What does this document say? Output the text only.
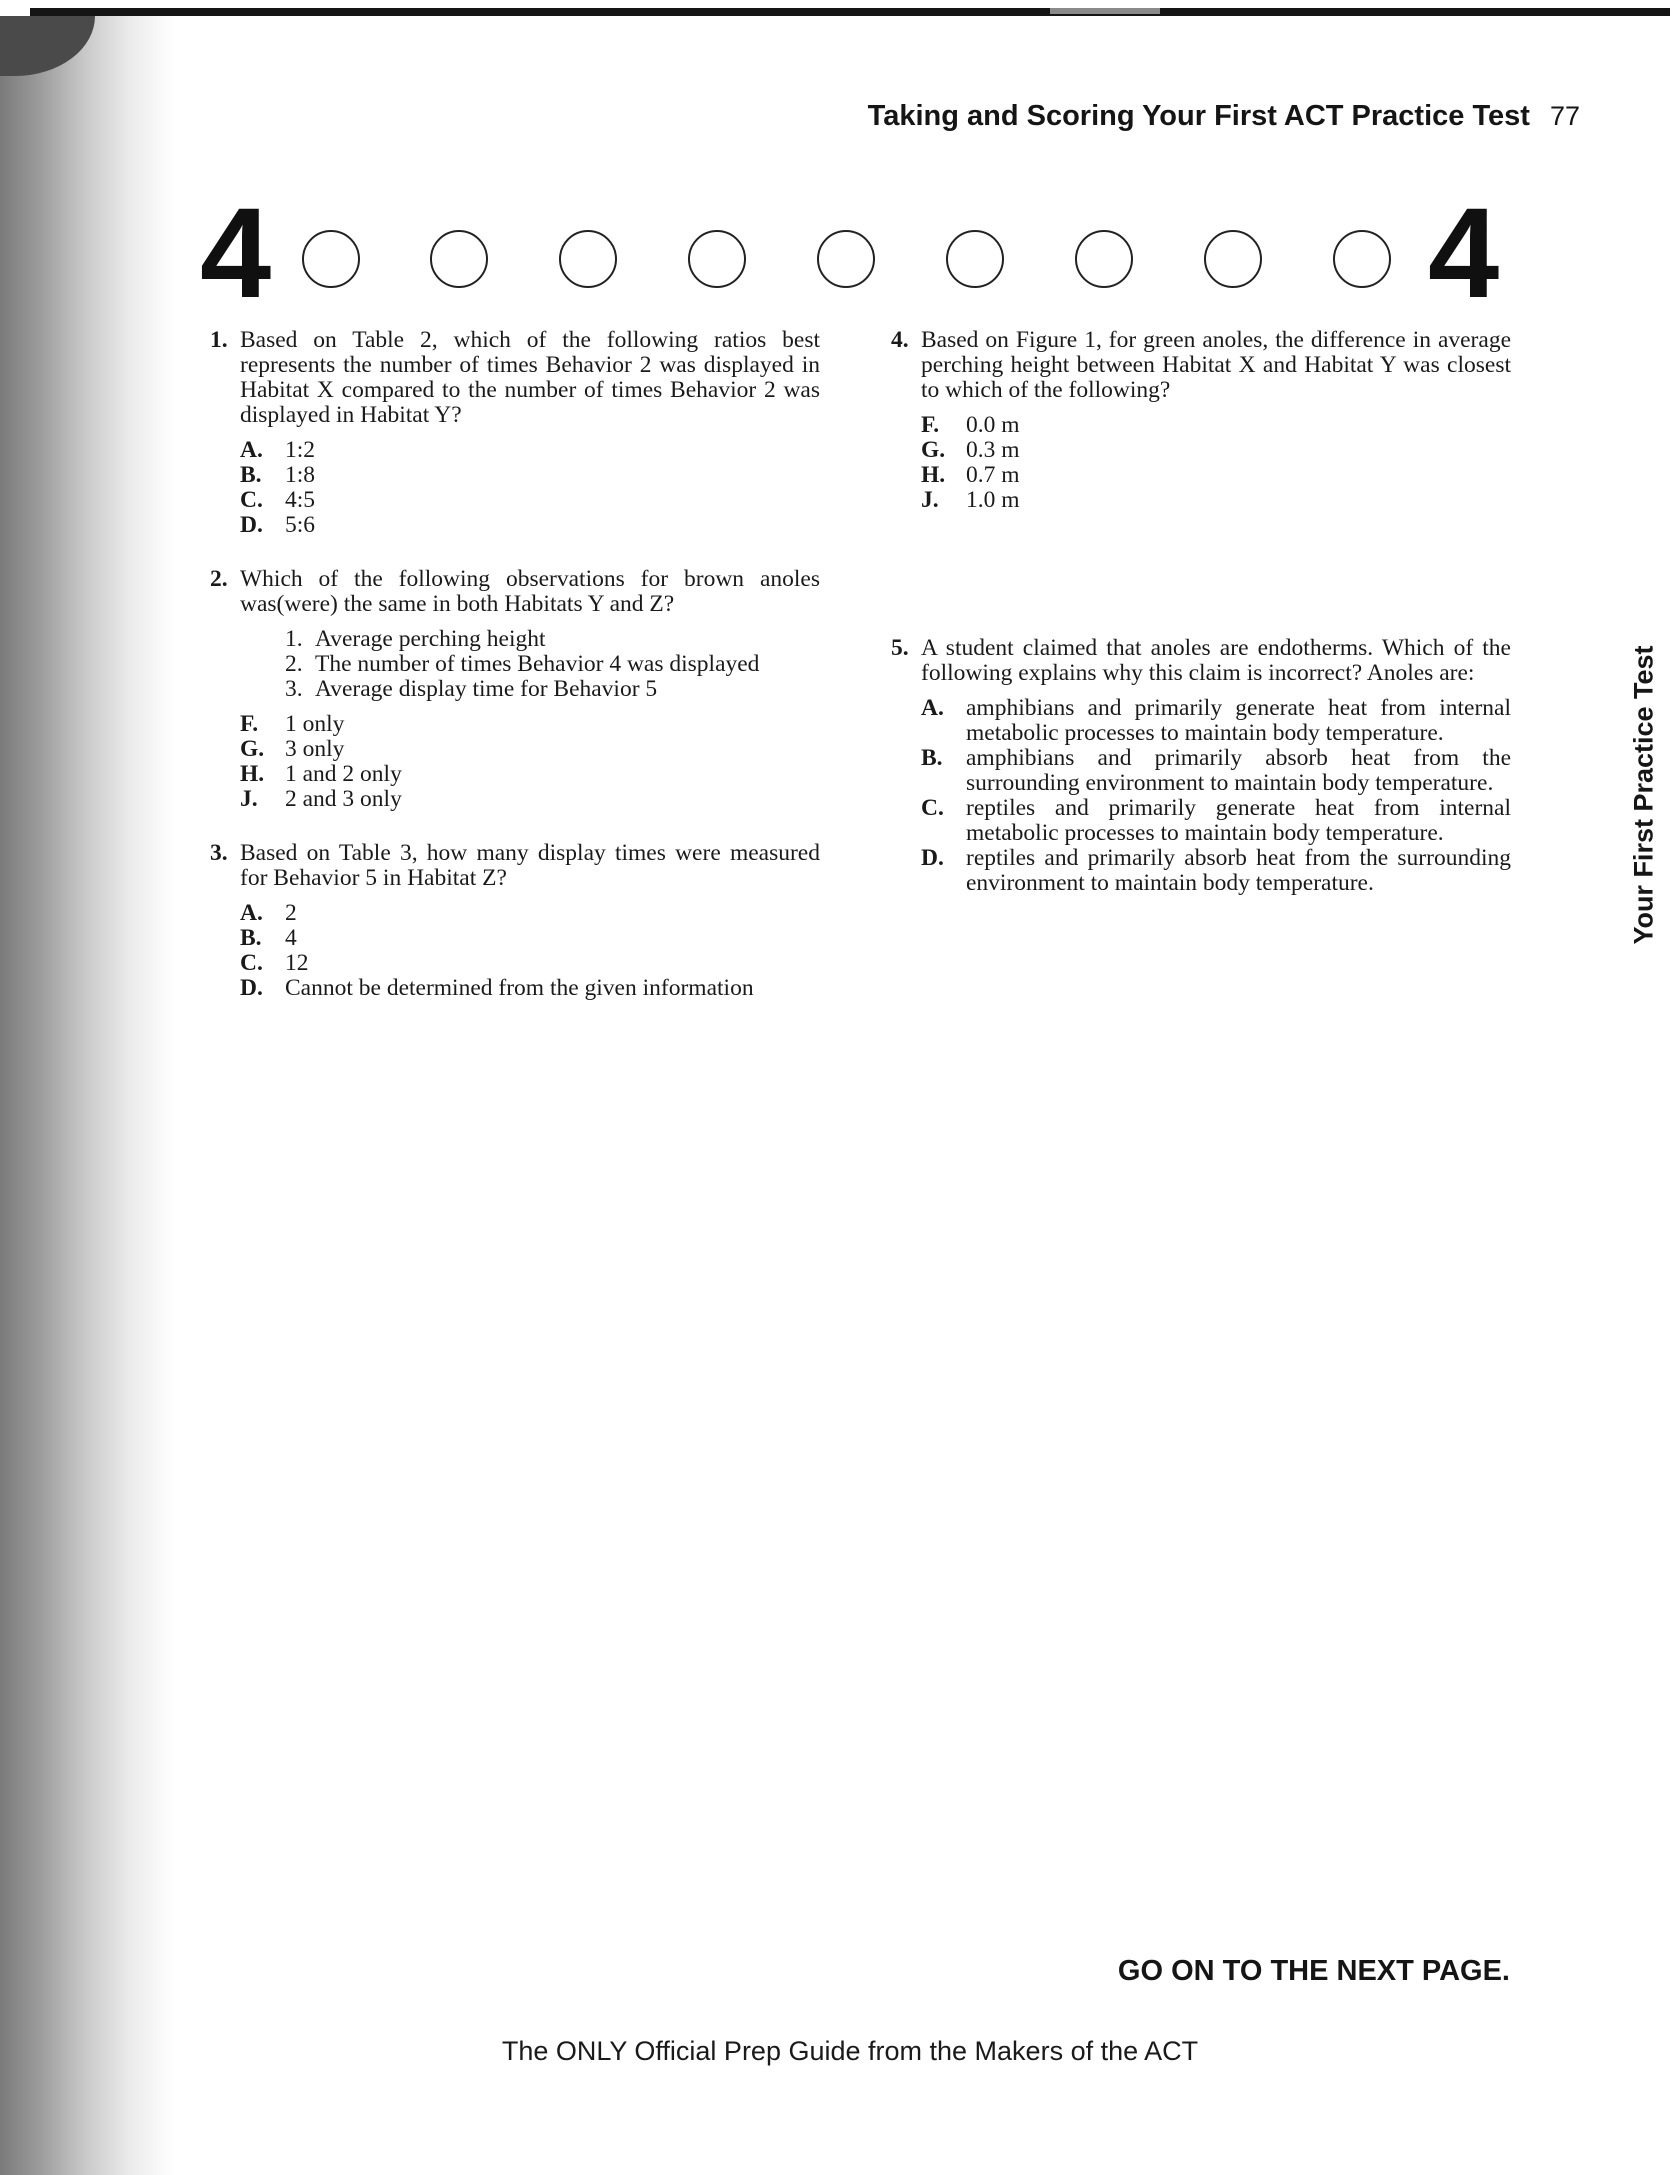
Taking and Scoring Your First ACT Practice Test 77
4	4
1. Based on Table 2, which of the following ratios best represents the number of times Behavior 2 was displayed in Habitat X compared to the number of times Behavior 2 was displayed in Habitat Y?
A. 1:2
B. 1:8
C. 4:5
D. 5:6
2. Which of the following observations for brown anoles was(were) the same in both Habitats Y and Z?
1. Average perching height
2. The number of times Behavior 4 was displayed
3. Average display time for Behavior 5
F. 1 only
G. 3 only
H. 1 and 2 only
J. 2 and 3 only
3. Based on Table 3, how many display times were measured for Behavior 5 in Habitat Z?
A. 2
B. 4
C. 12
D. Cannot be determined from the given information
4. Based on Figure 1, for green anoles, the difference in average perching height between Habitat X and Habitat Y was closest to which of the following?
F. 0.0 m
G. 0.3 m
H. 0.7 m
J. 1.0 m
5. A student claimed that anoles are endotherms. Which of the following explains why this claim is incorrect? Anoles are:
A. amphibians and primarily generate heat from internal metabolic processes to maintain body temperature.
B. amphibians and primarily absorb heat from the surrounding environment to maintain body temperature.
C. reptiles and primarily generate heat from internal metabolic processes to maintain body temperature.
D. reptiles and primarily absorb heat from the surrounding environment to maintain body temperature.	Your First Practice Test
GO ON TO THE NEXT PAGE.
The ONLY Official Prep Guide from the Makers of the ACT
